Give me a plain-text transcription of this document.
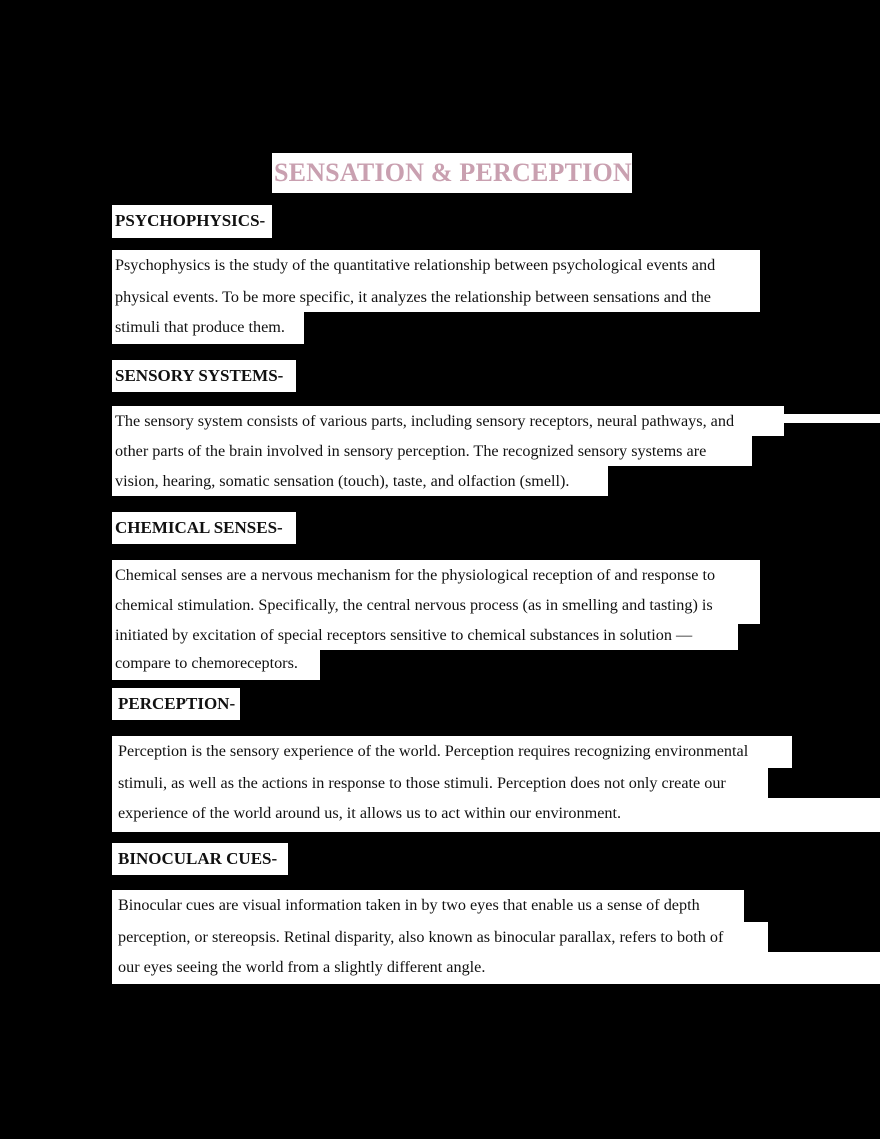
SENSATION & PERCEPTION
PSYCHOPHYSICS-
Psychophysics is the study of the quantitative relationship between psychological events and
physical events. To be more specific, it analyzes the relationship between sensations and the
stimuli that produce them.
SENSORY SYSTEMS-
The sensory system consists of various parts, including sensory receptors, neural pathways, and
other parts of the brain involved in sensory perception. The recognized sensory systems are
vision, hearing, somatic sensation (touch), taste, and olfaction (smell).
CHEMICAL SENSES-
Chemical senses are a nervous mechanism for the physiological reception of and response to
chemical stimulation. Specifically, the central nervous process (as in smelling and tasting) is
initiated by excitation of special receptors sensitive to chemical substances in solution —
compare to chemoreceptors.
PERCEPTION-
Perception is the sensory experience of the world. Perception requires recognizing environmental
stimuli, as well as the actions in response to those stimuli. Perception does not only create our
experience of the world around us, it allows us to act within our environment.
BINOCULAR CUES-
Binocular cues are visual information taken in by two eyes that enable us a sense of depth
perception, or stereopsis. Retinal disparity, also known as binocular parallax, refers to both of
our eyes seeing the world from a slightly different angle.
